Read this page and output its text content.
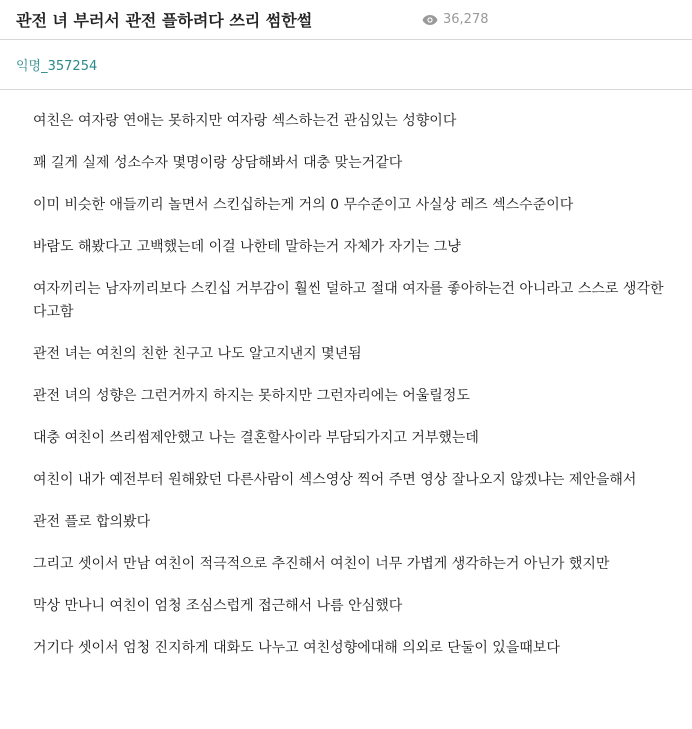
관전 녀 부러서 관전 플하려다 쓰리 썸한썰	36,278
익명_357254

여친은 여자랑 연애는 못하지만 여자랑 섹스하는건 관심있는 성향이다

꽤 길게 실제 성소수자 몇명이랑 상담해봐서 대충 맞는거같다

이미 비슷한 애들끼리 놀면서 스킨십하는게 거의 0 무수준이고 사실상 레즈 섹스수준이다

바람도 해봤다고 고백했는데 이걸 나한테 말하는거 자체가 자기는 그냥

여자끼리는 남자끼리보다 스킨십 거부감이 훨씬 덜하고 절대 여자를 좋아하는건 아니라고 스스로 생각한다고함

관전 녀는 여친의 친한 친구고 나도 알고지낸지 몇년됨

관전 녀의 성향은 그런거까지 하지는 못하지만 그런자리에는 어울릴정도

대충 여친이 쓰리썸제안했고 나는 결혼할사이라 부담되가지고 거부했는데

여친이 내가 예전부터 원해왔던 다른사람이 섹스영상 찍어 주면 영상 잘나오지 않겠냐는 제안을해서

관전 플로 합의봤다

그리고 셋이서 만남 여친이 적극적으로 추진해서 여친이 너무 가볍게 생각하는거 아닌가 했지만

막상 만나니 여친이 엄청 조심스럽게 접근해서 나름 안심했다

거기다 셋이서 엄청 진지하게 대화도 나누고 여친성향에대해 의외로 단둘이 있을때보다
